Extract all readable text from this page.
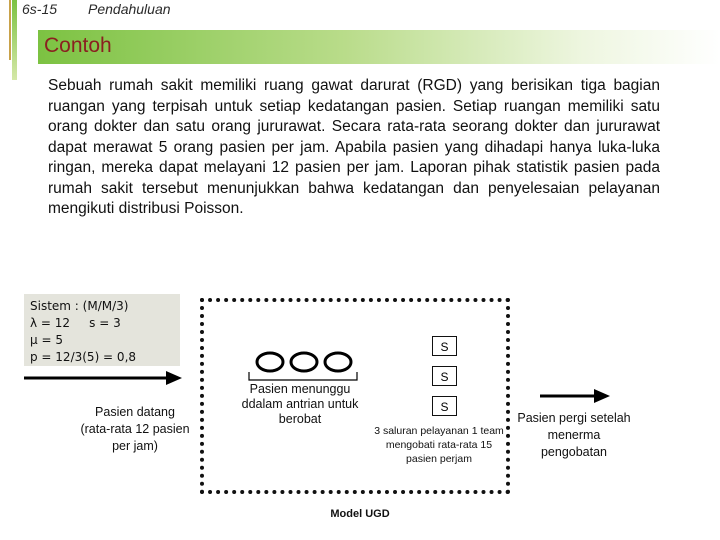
6s-15 Pendahuluan
Contoh
Sebuah rumah sakit memiliki ruang gawat darurat (RGD) yang berisikan tiga bagian ruangan yang terpisah untuk setiap kedatangan pasien. Setiap ruangan memiliki satu orang dokter dan satu orang jururawat. Secara rata-rata seorang dokter dan jururawat dapat merawat 5 orang pasien per jam. Apabila pasien yang dihadapi hanya luka-luka ringan, mereka dapat melayani 12 pasien per jam. Laporan pihak statistik pasien pada rumah sakit tersebut menunjukkan bahwa kedatangan dan penyelesaian pelayanan mengikuti distribusi Poisson.
Sistem : (M/M/3)
λ = 12     s = 3
μ = 5
p = 12/3(5) = 0,8
Pasien datang (rata-rata 12 pasien per jam)
Pasien menunggu ddalam antrian untuk berobat
S
S
S
3 saluran pelayanan 1 team mengobati rata-rata 15 pasien perjam
Model UGD
Pasien pergi setelah menerma pengobatan
